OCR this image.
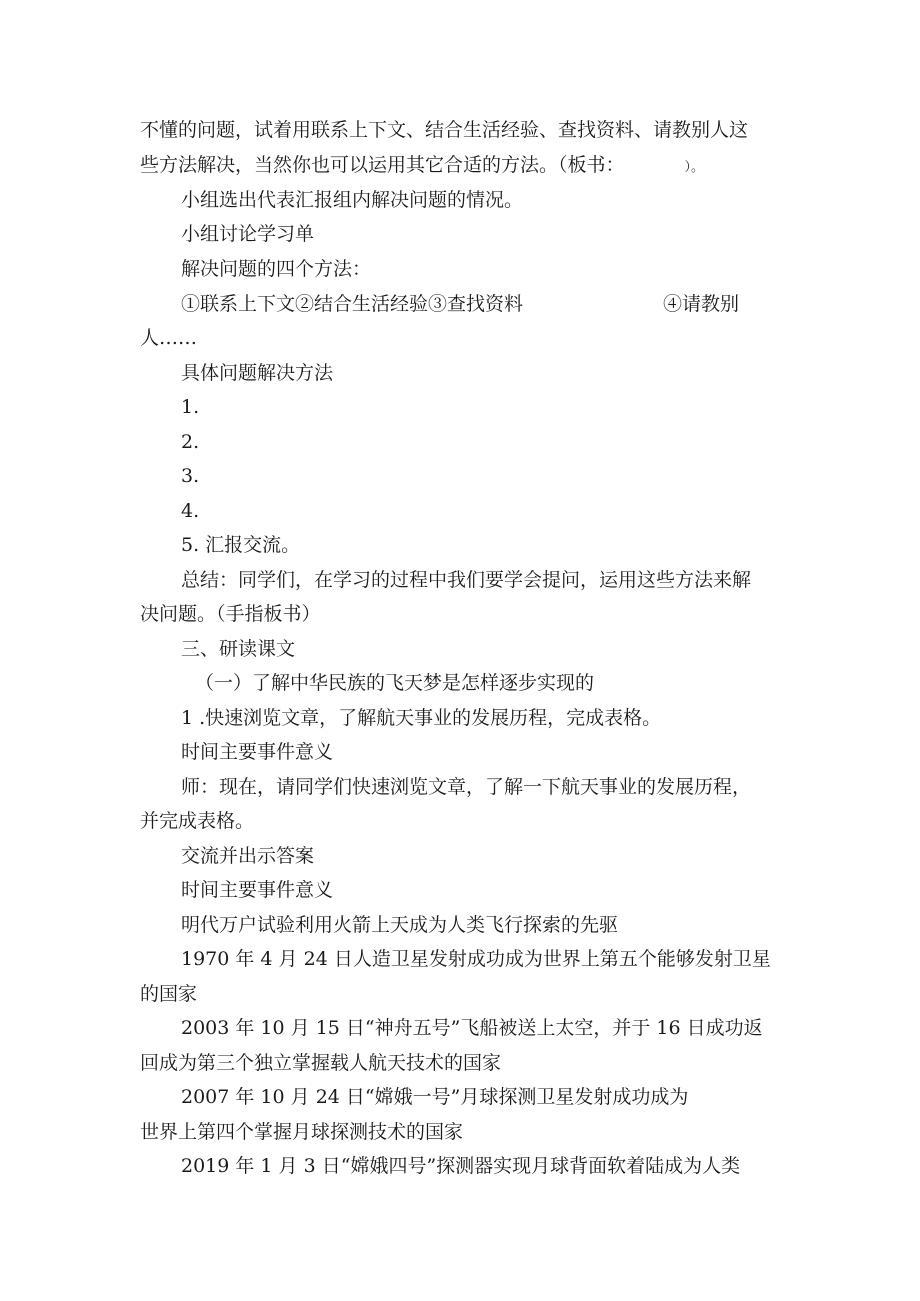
不懂的问题，试着用联系上下文、结合生活经验、查找资料、请教别人这

些方法解决，当然你也可以运用其它合适的方法。（板书：	）。

小组选出代表汇报组内解决问题的情况。

小组讨论学习单

解决问题的四个方法：

①联系上下文②结合生活经验③查找资料	④请教别

人……

具体问题解决方法

1.

2.

3.

4.

5. 汇报交流。

总结：同学们，在学习的过程中我们要学会提问，运用这些方法来解

决问题。（手指板书）

三、研读课文

（一）了解中华民族的飞天梦是怎样逐步实现的

1 .快速浏览文章，了解航天事业的发展历程，完成表格。

时间主要事件意义

师：现在，请同学们快速浏览文章，了解一下航天事业的发展历程，

并完成表格。

交流并出示答案

时间主要事件意义

明代万户试验利用火箭上天成为人类飞行探索的先驱

1970 年 4 月 24 日人造卫星发射成功成为世界上第五个能够发射卫星

的国家

2003 年 10 月 15 日“神舟五号”飞船被送上太空，并于 16 日成功返

回成为第三个独立掌握载人航天技术的国家

2007 年 10 月 24 日“嫦娥一号”月球探测卫星发射成功成为

世界上第四个掌握月球探测技术的国家

2019 年 1 月 3 日“嫦娥四号”探测器实现月球背面软着陆成为人类
